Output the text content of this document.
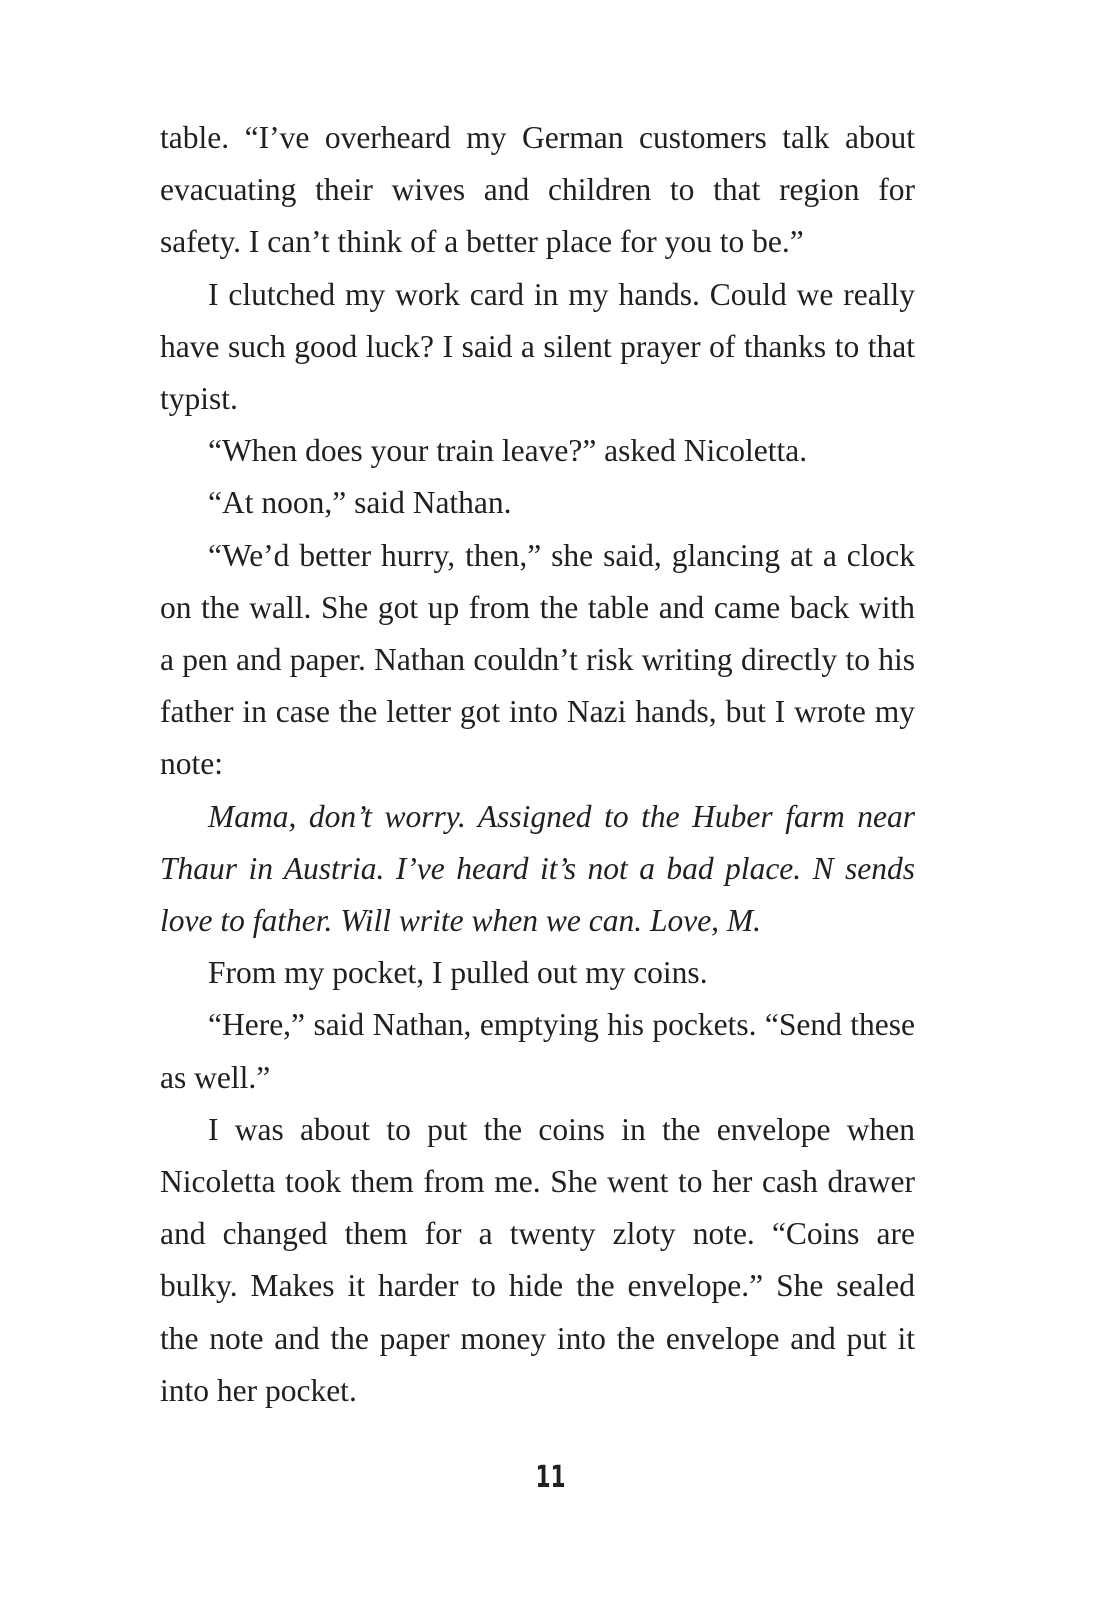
table. “I’ve overheard my German customers talk about evacuating their wives and children to that region for safety. I can’t think of a better place for you to be.”

I clutched my work card in my hands. Could we really have such good luck? I said a silent prayer of thanks to that typist.

“When does your train leave?” asked Nicoletta.

“At noon,” said Nathan.

“We’d better hurry, then,” she said, glancing at a clock on the wall. She got up from the table and came back with a pen and paper. Nathan couldn’t risk writing directly to his father in case the letter got into Nazi hands, but I wrote my note:

Mama, don’t worry. Assigned to the Huber farm near Thaur in Austria. I’ve heard it’s not a bad place. N sends love to father. Will write when we can. Love, M.

From my pocket, I pulled out my coins.

“Here,” said Nathan, emptying his pockets. “Send these as well.”

I was about to put the coins in the envelope when Nicoletta took them from me. She went to her cash drawer and changed them for a twenty zloty note. “Coins are bulky. Makes it harder to hide the envelope.” She sealed the note and the paper money into the envelope and put it into her pocket.

11
